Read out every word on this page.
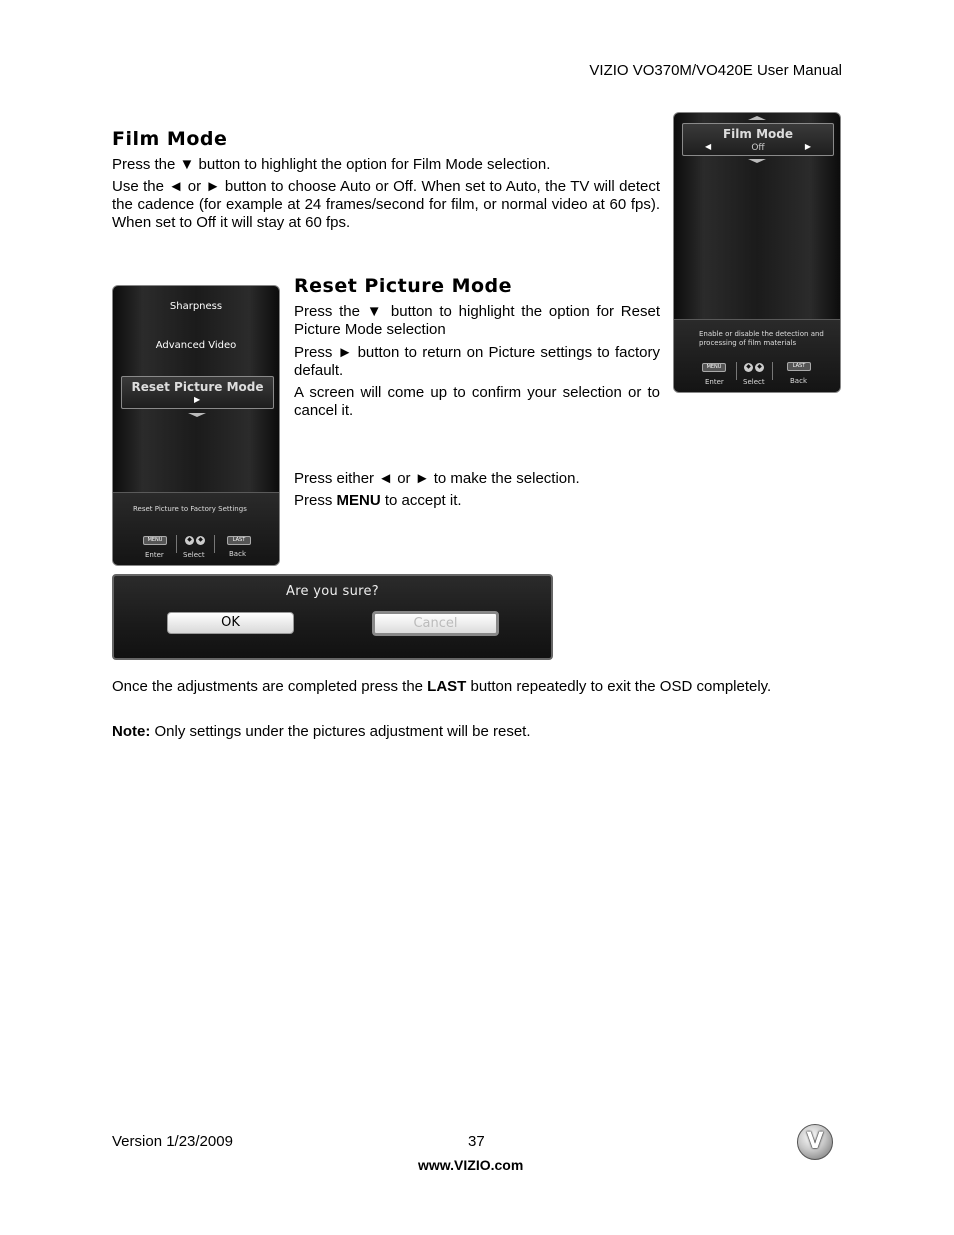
VIZIO VO370M/VO420E User Manual
Film Mode
Press the ▼ button to highlight the option for Film Mode selection.
Use the ◄ or ► button to choose Auto or Off. When set to Auto, the TV will detect the cadence (for example at 24 frames/second for film, or normal video at 60 fps). When set to Off it will stay at 60 fps.
Film Mode
◀	Off	▶
Enable or disable the detection and processing of film materials
MENU	◆	◆	LAST
Enter	Select	Back
Sharpness
Advanced Video
Reset Picture Mode
▶
Reset Picture to Factory Settings
MENU	◆	◆	LAST
Enter	Select	Back
Reset Picture Mode
Press the ▼ button to highlight the option for Reset Picture Mode selection
Press ► button to return on Picture settings to factory default.
A screen will come up to confirm your selection or to cancel it.
Press either ◄ or ► to make the selection.
Press MENU to accept it.
Are you sure?
OK	Cancel
Once the adjustments are completed press the LAST button repeatedly to exit the OSD completely.
Note: Only settings under the pictures adjustment will be reset.
Version 1/23/2009	37
www.VIZIO.com
V
